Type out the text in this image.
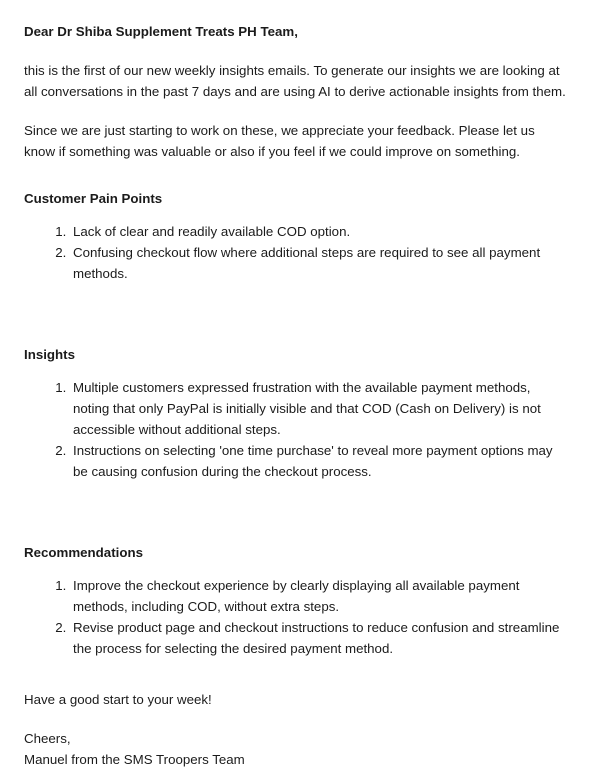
Dear Dr Shiba Supplement Treats PH Team,

this is the first of our new weekly insights emails. To generate our insights we are looking at all conversations in the past 7 days and are using AI to derive actionable insights from them.

Since we are just starting to work on these, we appreciate your feedback. Please let us know if something was valuable or also if you feel if we could improve on something.

Customer Pain Points
1. Lack of clear and readily available COD option.
2. Confusing checkout flow where additional steps are required to see all payment methods.
Insights
1. Multiple customers expressed frustration with the available payment methods, noting that only PayPal is initially visible and that COD (Cash on Delivery) is not accessible without additional steps.
2. Instructions on selecting 'one time purchase' to reveal more payment options may be causing confusion during the checkout process.
Recommendations
1. Improve the checkout experience by clearly displaying all available payment methods, including COD, without extra steps.
2. Revise product page and checkout instructions to reduce confusion and streamline the process for selecting the desired payment method.

Have a good start to your week!

Cheers,

Manuel from the SMS Troopers Team
